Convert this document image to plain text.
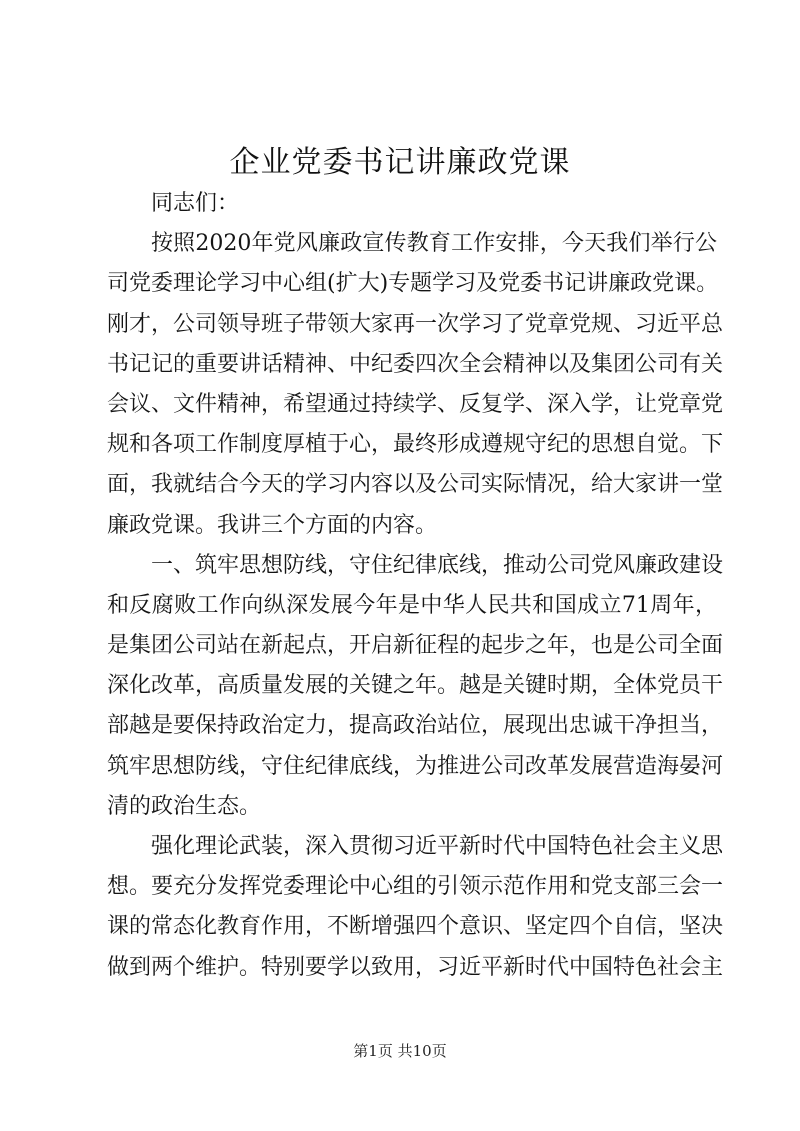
企业党委书记讲廉政党课
同志们：
按照2020年党风廉政宣传教育工作安排，今天我们举行公
司党委理论学习中心组(扩大)专题学习及党委书记讲廉政党课。
刚才，公司领导班子带领大家再一次学习了党章党规、习近平总
书记记的重要讲话精神、中纪委四次全会精神以及集团公司有关
会议、文件精神，希望通过持续学、反复学、深入学，让党章党
规和各项工作制度厚植于心，最终形成遵规守纪的思想自觉。下
面，我就结合今天的学习内容以及公司实际情况，给大家讲一堂
廉政党课。我讲三个方面的内容。
一、筑牢思想防线，守住纪律底线，推动公司党风廉政建设
和反腐败工作向纵深发展今年是中华人民共和国成立71周年，
是集团公司站在新起点，开启新征程的起步之年，也是公司全面
深化改革，高质量发展的关键之年。越是关键时期，全体党员干
部越是要保持政治定力，提高政治站位，展现出忠诚干净担当，
筑牢思想防线，守住纪律底线，为推进公司改革发展营造海晏河
清的政治生态。
强化理论武装，深入贯彻习近平新时代中国特色社会主义思
想。要充分发挥党委理论中心组的引领示范作用和党支部三会一
课的常态化教育作用，不断增强四个意识、坚定四个自信，坚决
做到两个维护。特别要学以致用，习近平新时代中国特色社会主
第1页 共10页
